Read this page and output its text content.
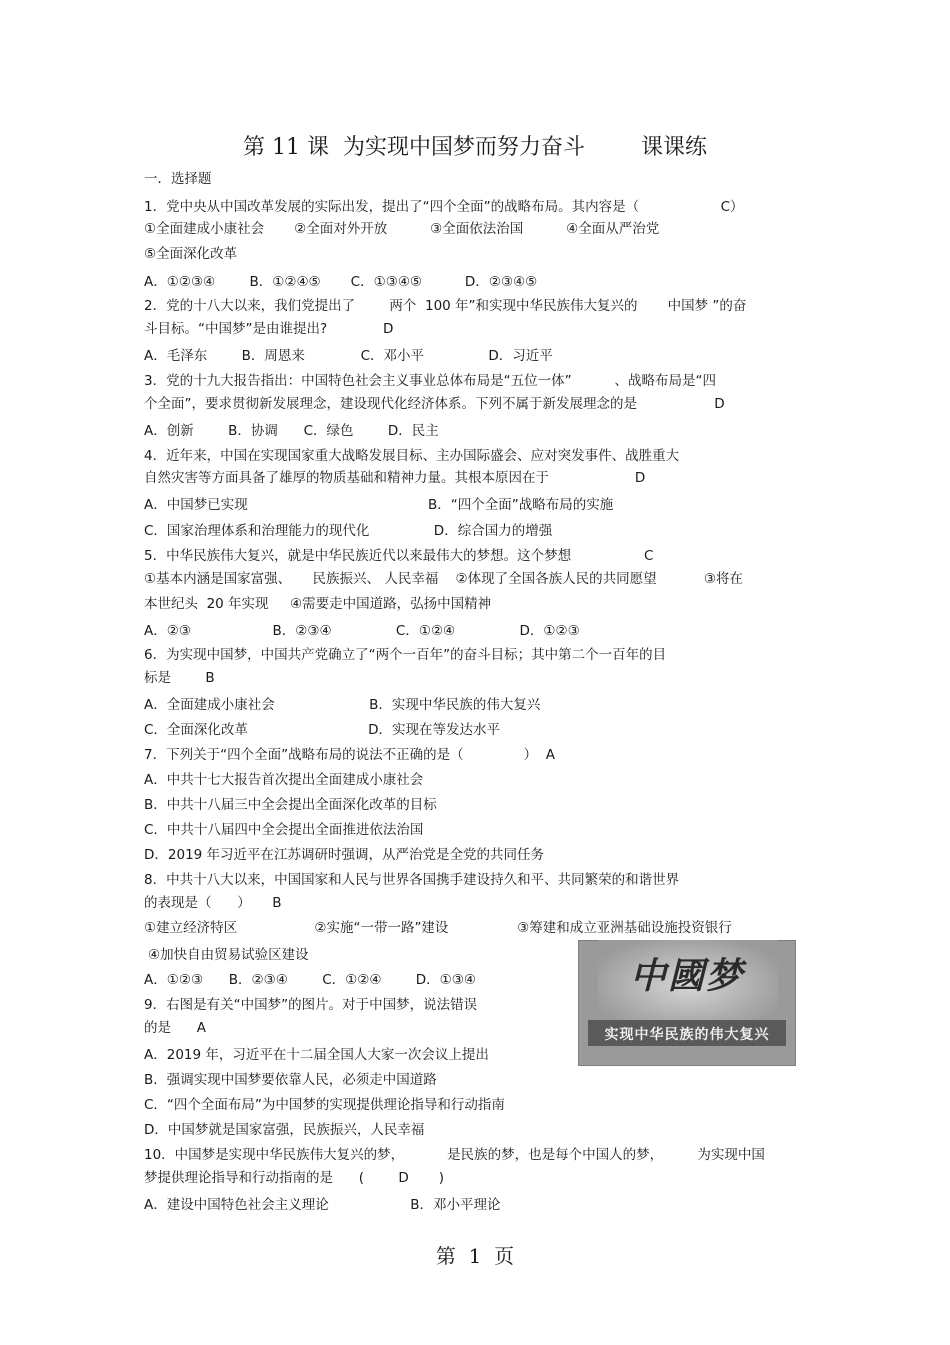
第 11 课  为实现中国梦而努力奋斗        课课练
一．选择题
1．党中央从中国改革发展的实际出发，提出了“四个全面”的战略布局。其内容是（                   C）
①全面建成小康社会       ②全面对外开放          ③全面依法治国          ④全面从严治党
⑤全面深化改革
A．①②③④        B．①②④⑤       C．①③④⑤          D．②③④⑤
2．党的十八大以来，我们党提出了        两个  100 年”和实现中华民族伟大复兴的       中国梦 ”的奋
斗目标。“中国梦”是由谁提出?             D
A．毛泽东        B．周恩来             C．邓小平               D．习近平
3．党的十九大报告指出：中国特色社会主义事业总体布局是“五位一体”          、战略布局是“四
个全面”，要求贯彻新发展理念，建设现代化经济体系。下列不属于新发展理念的是                  D
A．创新        B．协调      C．绿色        D．民主
4．近年来，中国在实现国家重大战略发展目标、主办国际盛会、应对突发事件、战胜重大
自然灾害等方面具备了雄厚的物质基础和精神力量。其根本原因在于                    D
A．中国梦已实现                                          B．“四个全面”战略布局的实施
C．国家治理体系和治理能力的现代化               D．综合国力的增强
5．中华民族伟大复兴，就是中华民族近代以来最伟大的梦想。这个梦想                 C
①基本内涵是国家富强、     民族振兴、 人民幸福    ②体现了全国各族人民的共同愿望           ③将在
本世纪头  20 年实现     ④需要走中国道路，弘扬中国精神
A．②③                   B．②③④               C．①②④               D．①②③
6．为实现中国梦，中国共产党确立了“两个一百年”的奋斗目标；其中第二个一百年的目
标是        B
A．全面建成小康社会                      B．实现中华民族的伟大复兴
C．全面深化改革                            D．实现在等发达水平
7．下列关于“四个全面”战略布局的说法不正确的是（              ）  A
A．中共十七大报告首次提出全面建成小康社会
B．中共十八届三中全会提出全面深化改革的目标
C．中共十八届四中全会提出全面推进依法治国
D．2019 年习近平在江苏调研时强调，从严治党是全党的共同任务
8．中共十八大以来，中国国家和人民与世界各国携手建设持久和平、共同繁荣的和谐世界
的表现是（      ）     B
①建立经济特区                  ②实施“一带一路”建设                ③筹建和成立亚洲基础设施投资银行
④加快自由贸易试验区建设
A．①②③      B．②③④        C．①②④        D．①③④
9．右图是有关“中国梦”的图片。对于中国梦，说法错误
的是      A
A．2019 年，习近平在十二届全国人大家一次会议上提出
B．强调实现中国梦要依靠人民，必须走中国道路
C．“四个全面布局”为中国梦的实现提供理论指导和行动指南
D．中国梦就是国家富强，民族振兴，人民幸福
10．中国梦是实现中华民族伟大复兴的梦，          是民族的梦，也是每个中国人的梦，        为实现中国
梦提供理论指导和行动指南的是      (        D       )
A．建设中国特色社会主义理论                   B．邓小平理论
中國梦
实现中华民族的伟大复兴
第  1  页
